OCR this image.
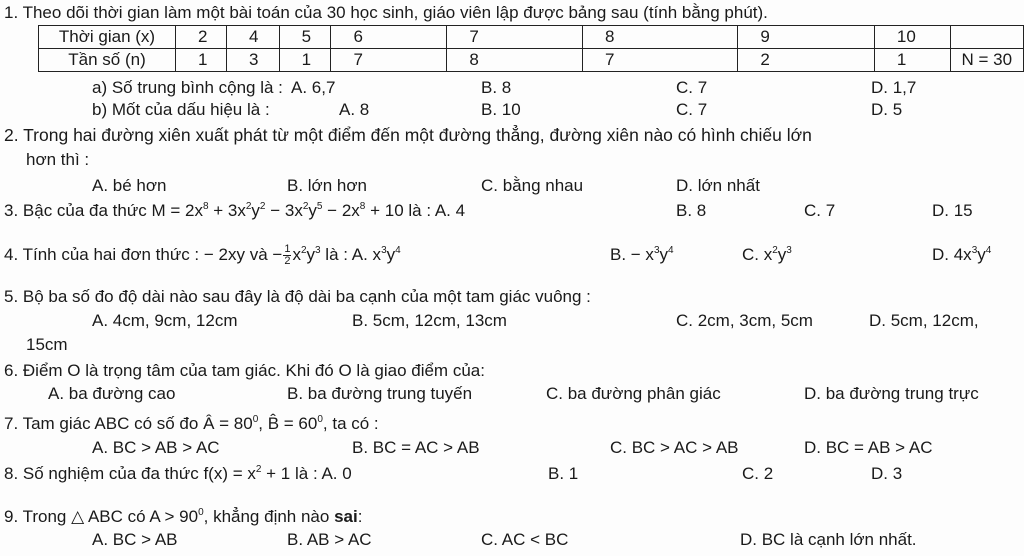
1. Theo dõi thời gian làm một bài toán của 30 học sinh, giáo viên lập được bảng sau (tính bằng phút).
Thời gian (x)	2	4	5	6	7	8	9	10	
Tần số (n)	1	3	1	7	8	7	2	1	N = 30
a) Số trung bình cộng là : A. 6,7	B. 8	C. 7	D. 1,7
b) Mốt của dấu hiệu là :	A. 8	B. 10	C. 7	D. 5
2. Trong hai đường xiên xuất phát từ một điểm đến một đường thẳng, đường xiên nào có hình chiếu lớn
hơn thì :
A. bé hơn	B. lớn hơn	C. bằng nhau	D. lớn nhất
3. Bậc của đa thức $M = 2x^8 + 3x^2y^2 - 3x^2y^5 - 2x^8 + 10$ là : A. 4	B. 8	C. 7	D. 15
4. Tính của hai đơn thức : − 2xy và − $\frac{1}{2} x^2y^3$ là : A. $x^3y^4$	B. − $x^3y^4$	C. $x^2y^3$	D. $4x^3y^4$
5. Bộ ba số đo độ dài nào sau đây là độ dài ba cạnh của một tam giác vuông :
A. 4cm, 9cm, 12cm	B. 5cm, 12cm, 13cm	C. 2cm, 3cm, 5cm	D. 5cm, 12cm,
15cm
6. Điểm O là trọng tâm của tam giác. Khi đó O là giao điểm của:
A. ba đường cao	B. ba đường trung tuyến	C. ba đường phân giác	D. ba đường trung trực
7. Tam giác ABC có số đo Â = $80^0$, B̂ = $60^0$, ta có :
A. BC > AB > AC	B. BC = AC > AB	C. BC > AC > AB	D. BC = AB > AC
8. Số nghiệm của đa thức $f(x) = x^2 + 1$ là : A. 0	B. 1	C. 2	D. 3
9. Trong △ ABC có $A > 90^0$, khẳng định nào sai:
A. BC > AB	B. AB > AC	C. AC < BC	D. BC là cạnh lớn nhất.
